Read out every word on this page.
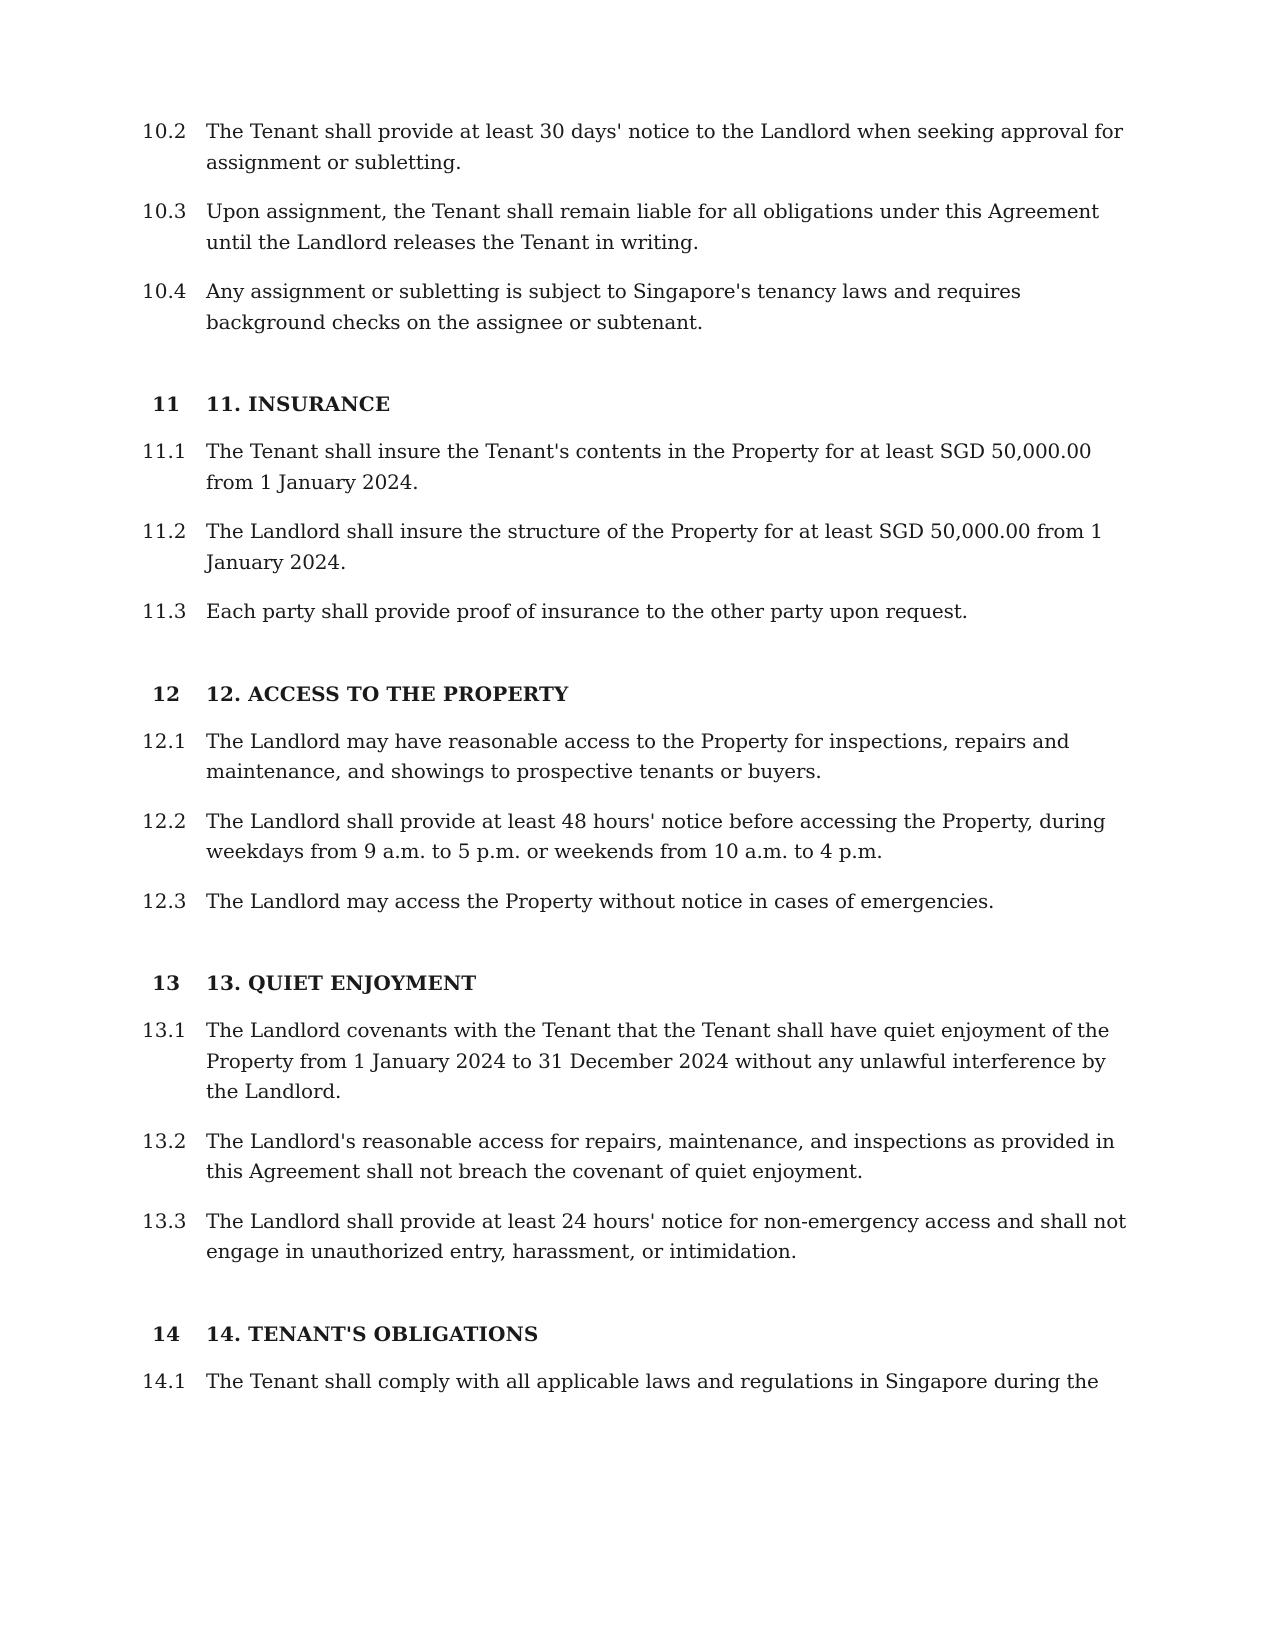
10.2 The Tenant shall provide at least 30 days' notice to the Landlord when seeking approval for assignment or subletting.
10.3 Upon assignment, the Tenant shall remain liable for all obligations under this Agreement until the Landlord releases the Tenant in writing.
10.4 Any assignment or subletting is subject to Singapore's tenancy laws and requires background checks on the assignee or subtenant.
11	11. INSURANCE
11.1 The Tenant shall insure the Tenant's contents in the Property for at least SGD 50,000.00 from 1 January 2024.
11.2 The Landlord shall insure the structure of the Property for at least SGD 50,000.00 from 1 January 2024.
11.3 Each party shall provide proof of insurance to the other party upon request.
12	12. ACCESS TO THE PROPERTY
12.1 The Landlord may have reasonable access to the Property for inspections, repairs and maintenance, and showings to prospective tenants or buyers.
12.2 The Landlord shall provide at least 48 hours' notice before accessing the Property, during weekdays from 9 a.m. to 5 p.m. or weekends from 10 a.m. to 4 p.m.
12.3 The Landlord may access the Property without notice in cases of emergencies.
13	13. QUIET ENJOYMENT
13.1 The Landlord covenants with the Tenant that the Tenant shall have quiet enjoyment of the Property from 1 January 2024 to 31 December 2024 without any unlawful interference by the Landlord.
13.2 The Landlord's reasonable access for repairs, maintenance, and inspections as provided in this Agreement shall not breach the covenant of quiet enjoyment.
13.3 The Landlord shall provide at least 24 hours' notice for non-emergency access and shall not engage in unauthorized entry, harassment, or intimidation.
14	14. TENANT'S OBLIGATIONS
14.1 The Tenant shall comply with all applicable laws and regulations in Singapore during the
